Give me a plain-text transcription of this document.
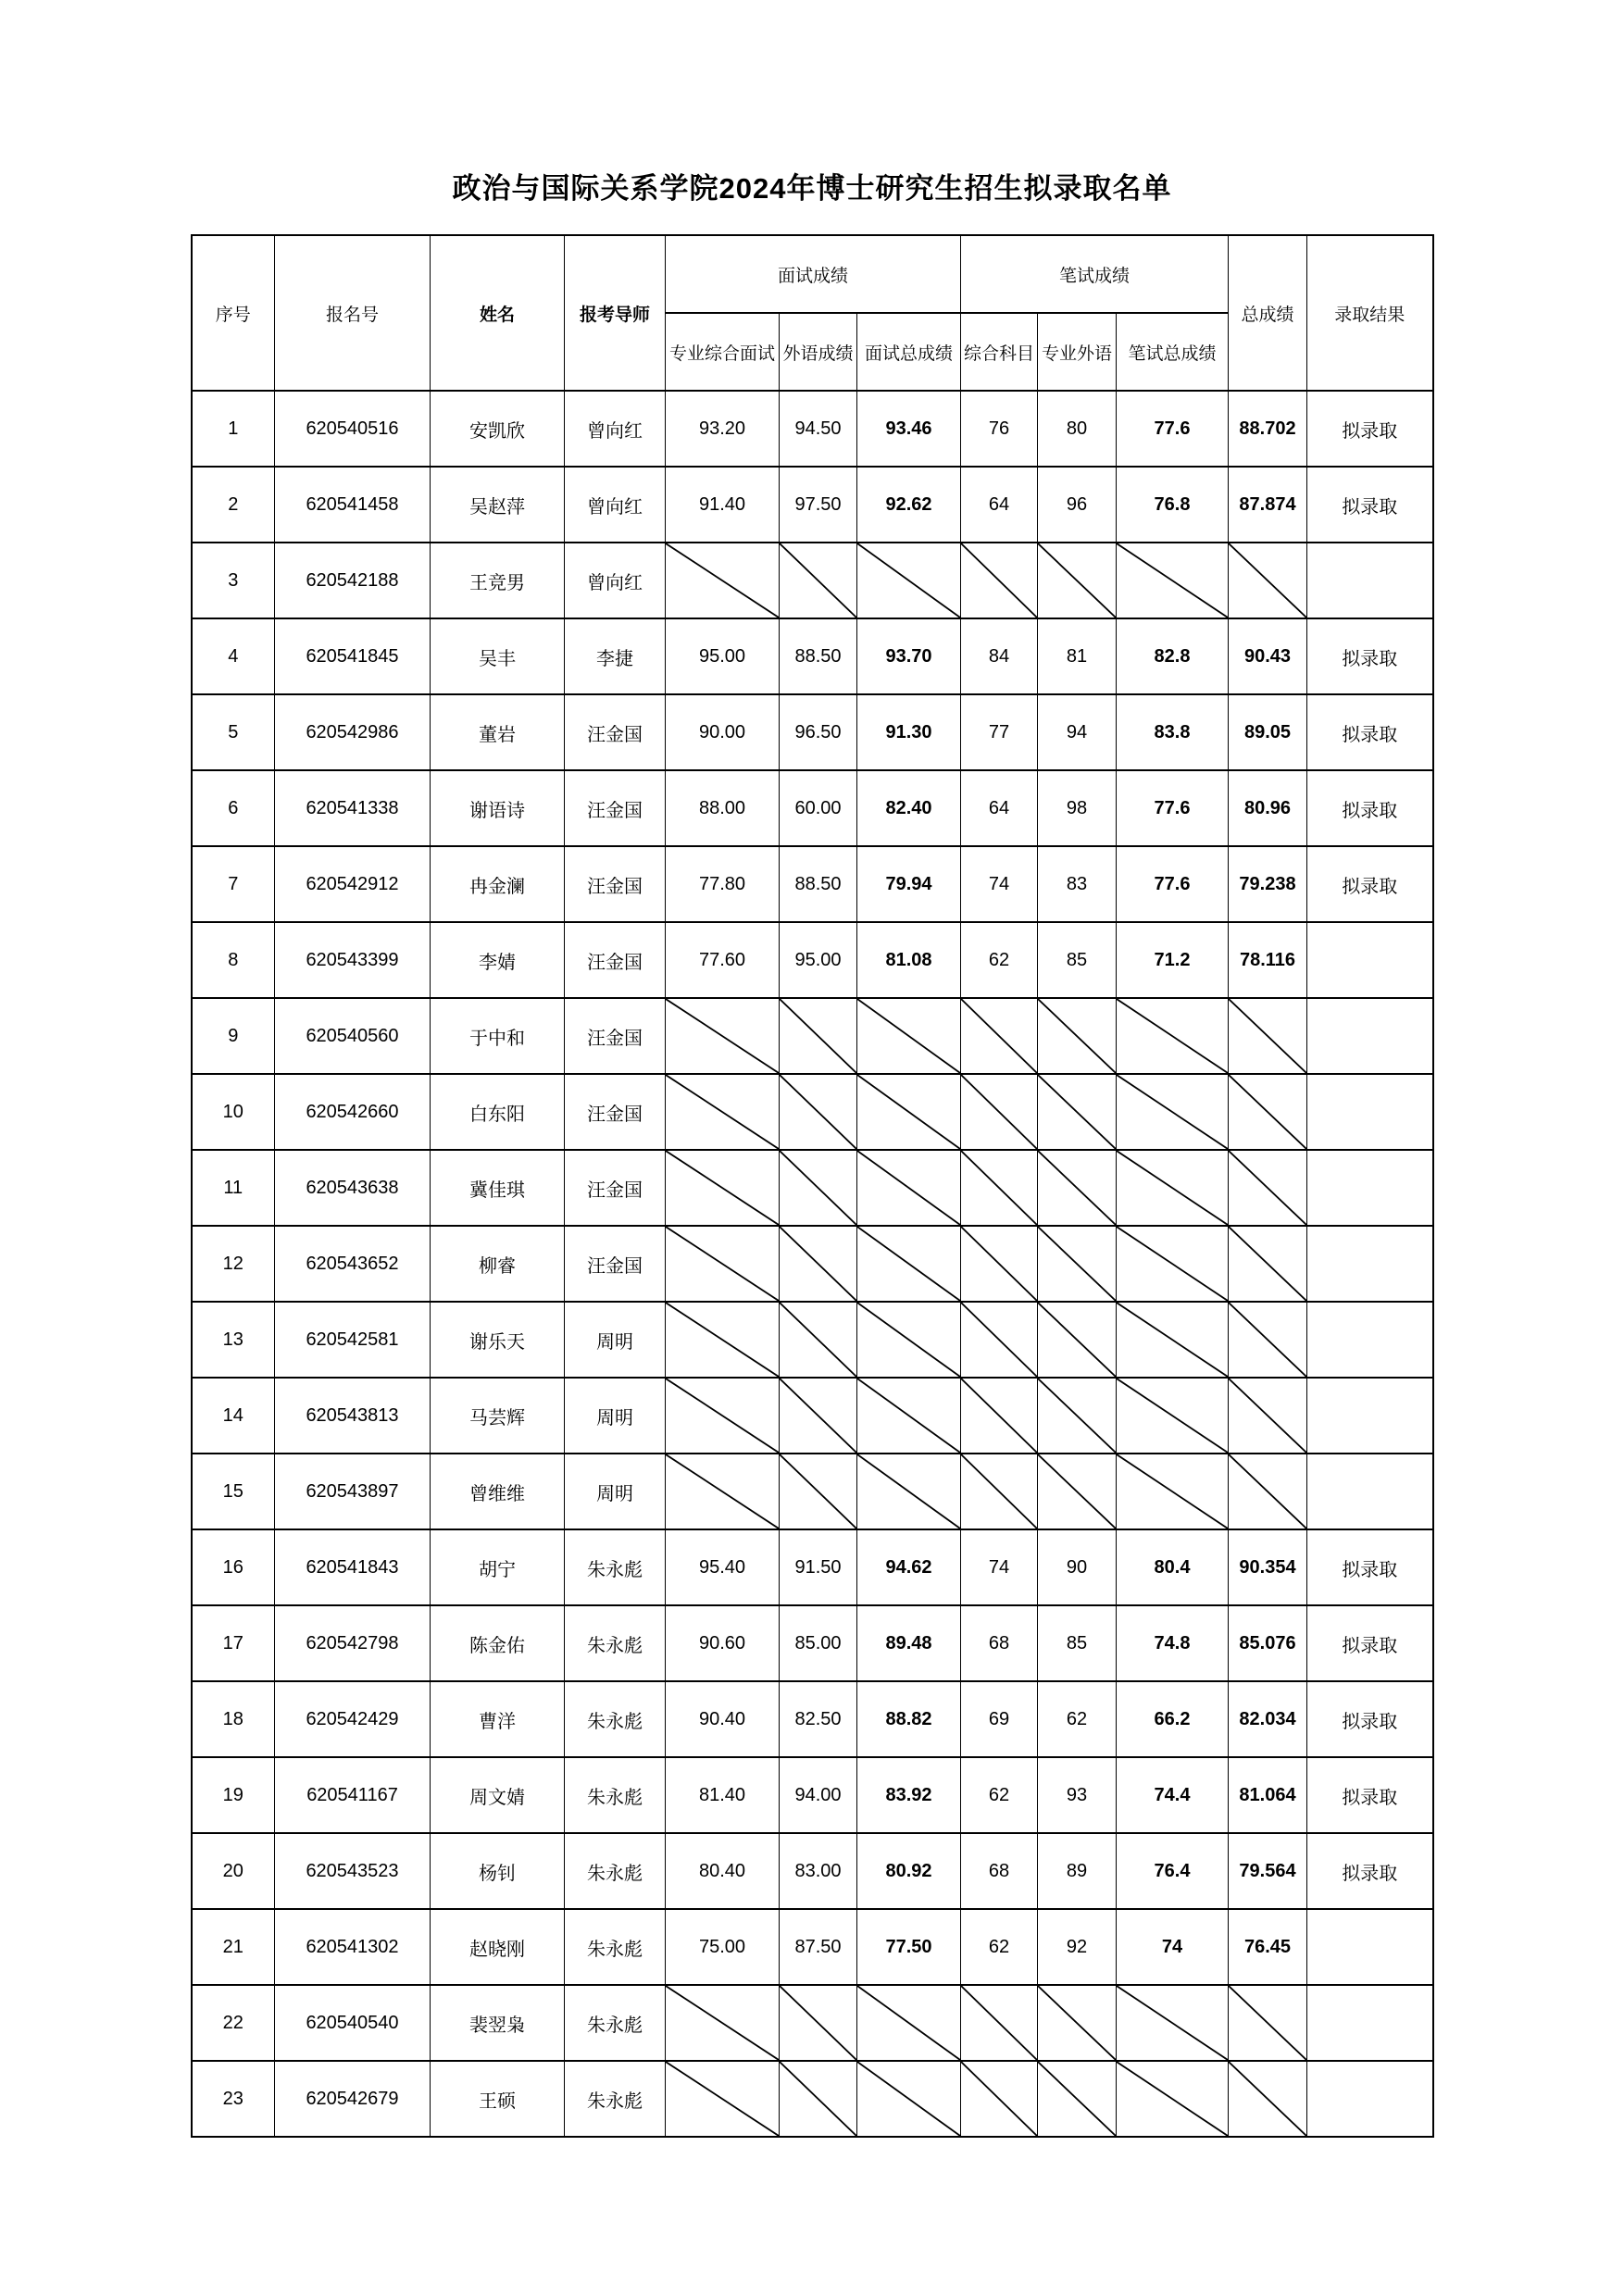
政治与国际关系学院2024年博士研究生招生拟录取名单
序号	报名号	姓名	报考导师	面试成绩			笔试成绩			总成绩	录取结果
				专业综合面试	外语成绩	面试总成绩	综合科目	专业外语	笔试总成绩		
1	620540516	安凯欣	曾向红	93.20	94.50	93.46	76	80	77.6	88.702	拟录取
2	620541458	吴赵萍	曾向红	91.40	97.50	92.62	64	96	76.8	87.874	拟录取
3	620542188	王竞男	曾向红	

4	620541845	吴丰	李捷	95.00	88.50	93.70	84	81	82.8	90.43	拟录取
5	620542986	董岩	汪金国	90.00	96.50	91.30	77	94	83.8	89.05	拟录取
6	620541338	谢语诗	汪金国	88.00	60.00	82.40	64	98	77.6	80.96	拟录取
7	620542912	冉金澜	汪金国	77.80	88.50	79.94	74	83	77.6	79.238	拟录取
8	620543399	李婧	汪金国	77.60	95.00	81.08	62	85	71.2	78.116	
9	620540560	于中和	汪金国	

10	620542660	白东阳	汪金国	

11	620543638	冀佳琪	汪金国	

12	620543652	柳睿	汪金国	

13	620542581	谢乐天	周明	

14	620543813	马芸辉	周明	

15	620543897	曾维维	周明	

16	620541843	胡宁	朱永彪	95.40	91.50	94.62	74	90	80.4	90.354	拟录取
17	620542798	陈金佑	朱永彪	90.60	85.00	89.48	68	85	74.8	85.076	拟录取
18	620542429	曹洋	朱永彪	90.40	82.50	88.82	69	62	66.2	82.034	拟录取
19	620541167	周文婧	朱永彪	81.40	94.00	83.92	62	93	74.4	81.064	拟录取
20	620543523	杨钊	朱永彪	80.40	83.00	80.92	68	89	76.4	79.564	拟录取
21	620541302	赵晓刚	朱永彪	75.00	87.50	77.50	62	92	74	76.45	
22	620540540	裴翌枭	朱永彪	

23	620542679	王硕	朱永彪	
